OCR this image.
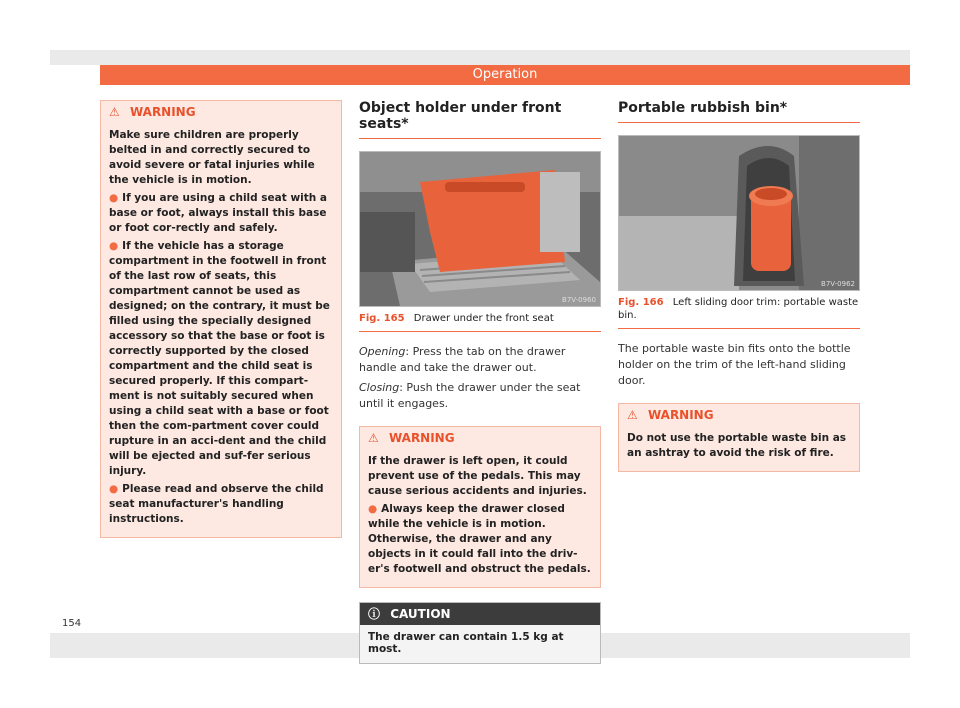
Operation
⚠ WARNING

Make sure children are properly belted in and correctly secured to avoid severe or fatal injuries while the vehicle is in motion.

● If you are using a child seat with a base or foot, always install this base or foot cor-rectly and safely.

● If the vehicle has a storage compartment in the footwell in front of the last row of seats, this compartment cannot be used as designed; on the contrary, it must be filled using the specially designed accessory so that the base or foot is correctly supported by the closed compartment and the child seat is secured properly. If this compart-ment is not suitably secured when using a child seat with a base or foot then the com-partment cover could rupture in an acci-dent and the child will be ejected and suf-fer serious injury.

● Please read and observe the child seat manufacturer's handling instructions.

Object holder under front seats*
B7V-0960
Fig. 165 Drawer under the front seat

Opening: Press the tab on the drawer handle and take the drawer out.

Closing: Push the drawer under the seat until it engages.

⚠ WARNING

If the drawer is left open, it could prevent use of the pedals. This may cause serious accidents and injuries.

● Always keep the drawer closed while the vehicle is in motion. Otherwise, the drawer and any objects in it could fall into the driv-er's footwell and obstruct the pedals.

ⓘ CAUTION
The drawer can contain 1.5 kg at most.
Portable rubbish bin*
B7V-0962
Fig. 166 Left sliding door trim: portable waste bin.

The portable waste bin fits onto the bottle holder on the trim of the left-hand sliding door.

⚠ WARNING

Do not use the portable waste bin as an ashtray to avoid the risk of fire.

154
